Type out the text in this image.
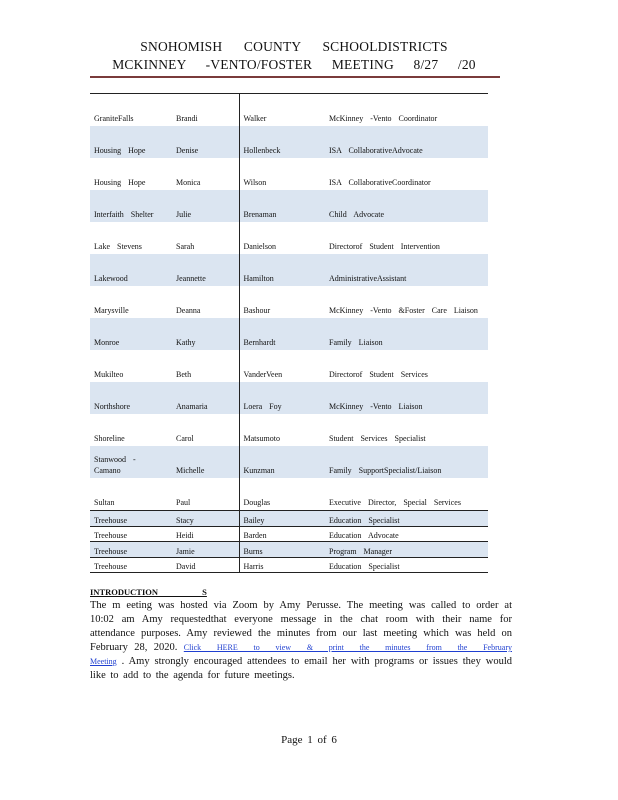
SNOHOMISH COUNTY SCHOOLDISTRICTS
MCKINNEY -VENTO/FOSTER MEETING 8/27 /20
GraniteFalls	Brandi	Walker	McKinney -Vento Coordinator
Housing Hope	Denise	Hollenbeck	ISA CollaborativeAdvocate
Housing Hope	Monica	Wilson	ISA CollaborativeCoordinator
Interfaith Shelter	Julie	Brenaman	Child Advocate
Lake Stevens	Sarah	Danielson	Directorof Student Intervention
Lakewood	Jeannette	Hamilton	AdministrativeAssistant
Marysville	Deanna	Bashour	McKinney -Vento &Foster Care Liaison
Monroe	Kathy	Bernhardt	Family Liaison
Mukilteo	Beth	VanderVeen	Directorof Student Services
Northshore	Anamaria	Loera Foy	McKinney -Vento Liaison
Shoreline	Carol	Matsumoto	Student Services Specialist
Stanwood - Camano	Michelle	Kunzman	Family SupportSpecialist/Liaison
Sultan	Paul	Douglas	Executive Director, Special Services
Treehouse	Stacy	Bailey	Education Specialist
Treehouse	Heidi	Barden	Education Advocate
Treehouse	Jamie	Burns	Program Manager
Treehouse	David	Harris	Education Specialist
INTRODUCTION S
The m eeting was hosted via Zoom by Amy Perusse. The meeting was called to order at 10:02 am Amy requestedthat everyone message in the chat room with their name for attendance purposes. Amy reviewed the minutes from our last meeting which was held on February 28, 2020. Click HERE to view & print the minutes from the February Meeting . Amy strongly encouraged attendees to email her with programs or issues they would like to add to the agenda for future meetings.
Page 1 of 6
